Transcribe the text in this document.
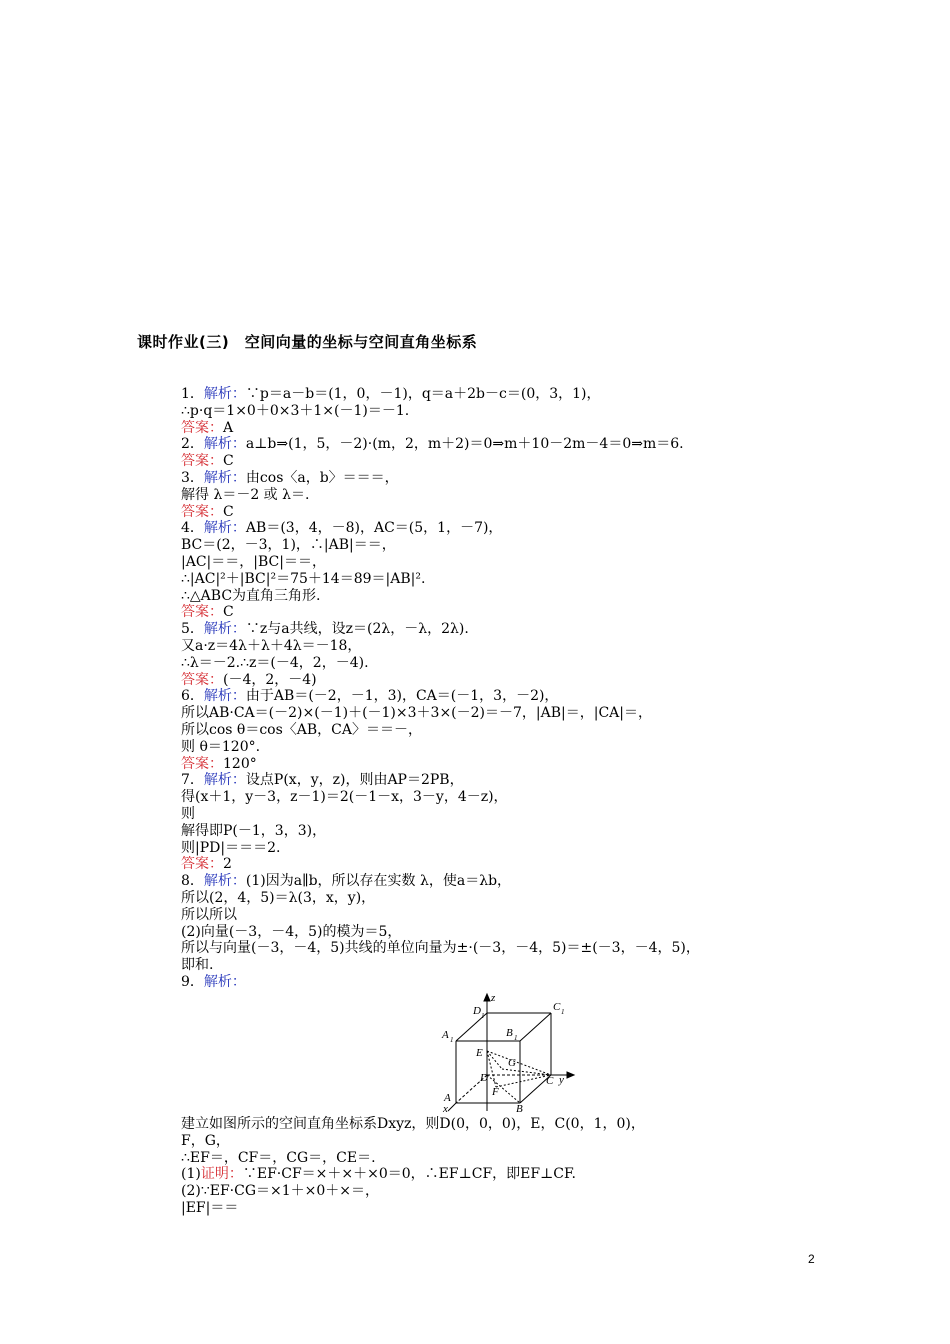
课时作业(三)　空间向量的坐标与空间直角坐标系
1．解析：∵p＝a－b＝(1，0，－1)，q＝a＋2b－c＝(0，3，1)，
∴p·q＝1×0＋0×3＋1×(－1)＝－1.
答案：A
2．解析：a⊥b⇒(1，5，－2)·(m，2，m＋2)＝0⇒m＋10－2m－4＝0⇒m＝6.
答案：C
3．解析：由cos〈a，b〉＝＝＝，
解得 λ＝－2 或 λ＝.
答案：C
4．解析：AB＝(3，4，－8)，AC＝(5，1，－7)，
BC＝(2，－3，1)，∴|AB|＝＝，
|AC|＝＝，|BC|＝＝，
∴|AC|²＋|BC|²＝75＋14＝89＝|AB|².
∴△ABC为直角三角形.
答案：C
5．解析：∵z与a共线，设z＝(2λ，－λ，2λ).
又a·z＝4λ＋λ＋4λ＝－18，
∴λ＝－2.∴z＝(－4，2，－4).
答案：(－4，2，－4)
6．解析：由于AB＝(－2，－1，3)，CA＝(－1，3，－2)，
所以AB·CA＝(－2)×(－1)＋(－1)×3＋3×(－2)＝－7，|AB|＝，|CA|＝，
所以cos θ＝cos〈AB，CA〉＝＝－，
则 θ＝120°.
答案：120°
7．解析：设点P(x，y，z)，则由AP＝2PB，
得(x＋1，y－3，z－1)＝2(－1－x，3－y，4－z)，
则
解得即P(－1，3，3)，
则|PD|＝＝＝2.
答案：2
8．解析：(1)因为a∥b，所以存在实数 λ，使a＝λb，
所以(2，4，5)＝λ(3，x，y)，
所以所以
(2)向量(－3，－4，5)的模为＝5，
所以与向量(－3，－4，5)共线的单位向量为±·(－3，－4，5)＝±(－3，－4，5)，
即和.
9．解析：
z
y
x
D 1
C 1
A 1
B 1
E
G
D
F
C
A
B
建立如图所示的空间直角坐标系Dxyz，则D(0，0，0)，E，C(0，1，0)，
F，G，
∴EF＝，CF＝，CG＝，CE＝.
(1)证明：∵EF·CF＝×＋×＋×0＝0，∴EF⊥CF，即EF⊥CF.
(2)∵EF·CG＝×1＋×0＋×＝，
|EF|＝＝
2
